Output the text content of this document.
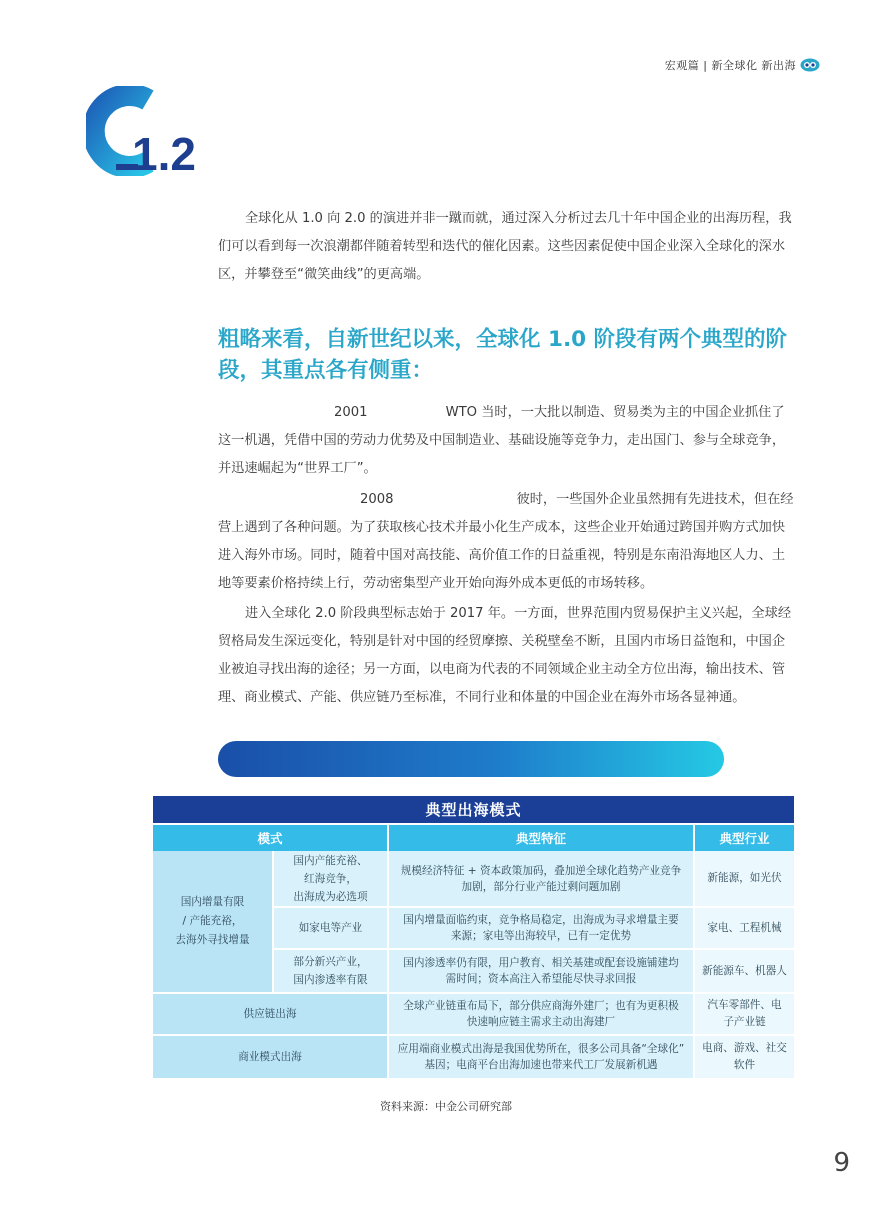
宏观篇 | 新全球化 新出海
1.2

全球化从 1.0 向 2.0 的演进并非一蹴而就，通过深入分析过去几十年中国企业的出海历程，我们可以看到每一次浪潮都伴随着转型和迭代的催化因素。这些因素促使中国企业深入全球化的深水区，并攀登至“微笑曲线”的更高端。

粗略来看，自新世纪以来，全球化 1.0 阶段有两个典型的阶段，其重点各有侧重：

2001	WTO 当时，一大批以制造、贸易类为主的中国企业抓住了这一机遇，凭借中国的劳动力优势及中国制造业、基础设施等竞争力，走出国门、参与全球竞争，并迅速崛起为“世界工厂”。

2008	彼时，一些国外企业虽然拥有先进技术，但在经营上遇到了各种问题。为了获取核心技术并最小化生产成本，这些企业开始通过跨国并购方式加快进入海外市场。同时，随着中国对高技能、高价值工作的日益重视，特别是东南沿海地区人力、土地等要素价格持续上行，劳动密集型产业开始向海外成本更低的市场转移。

进入全球化 2.0 阶段典型标志始于 2017 年。一方面，世界范围内贸易保护主义兴起，全球经贸格局发生深远变化，特别是针对中国的经贸摩擦、关税壁垒不断，且国内市场日益饱和，中国企业被迫寻找出海的途径；另一方面，以电商为代表的不同领域企业主动全方位出海，输出技术、管理、商业模式、产能、供应链乃至标准，不同行业和体量的中国企业在海外市场各显神通。

典型出海模式			
模式		典型特征	典型行业
国内增量有限
/ 产能充裕，
去海外寻找增量	国内产能充裕、
红海竞争，
出海成为必选项	规模经济特征 + 资本政策加码，叠加逆全球化趋势产业竞争
加剧，部分行业产能过剩问题加剧	新能源，如光伏
	如家电等产业	国内增量面临约束，竞争格局稳定，出海成为寻求增量主要
来源；家电等出海较早，已有一定优势	家电、工程机械
	部分新兴产业，
国内渗透率有限	国内渗透率仍有限，用户教育、相关基建或配套设施铺建均
需时间；资本高注入希望能尽快寻求回报	新能源车、机器人
供应链出海		全球产业链重布局下，部分供应商海外建厂；也有为更积极
快速响应链主需求主动出海建厂	汽车零部件、电
子产业链
商业模式出海		应用端商业模式出海是我国优势所在，很多公司具备“全球化”
基因；电商平台出海加速也带来代工厂发展新机遇	电商、游戏、社交
软件
资料来源：中金公司研究部
9
